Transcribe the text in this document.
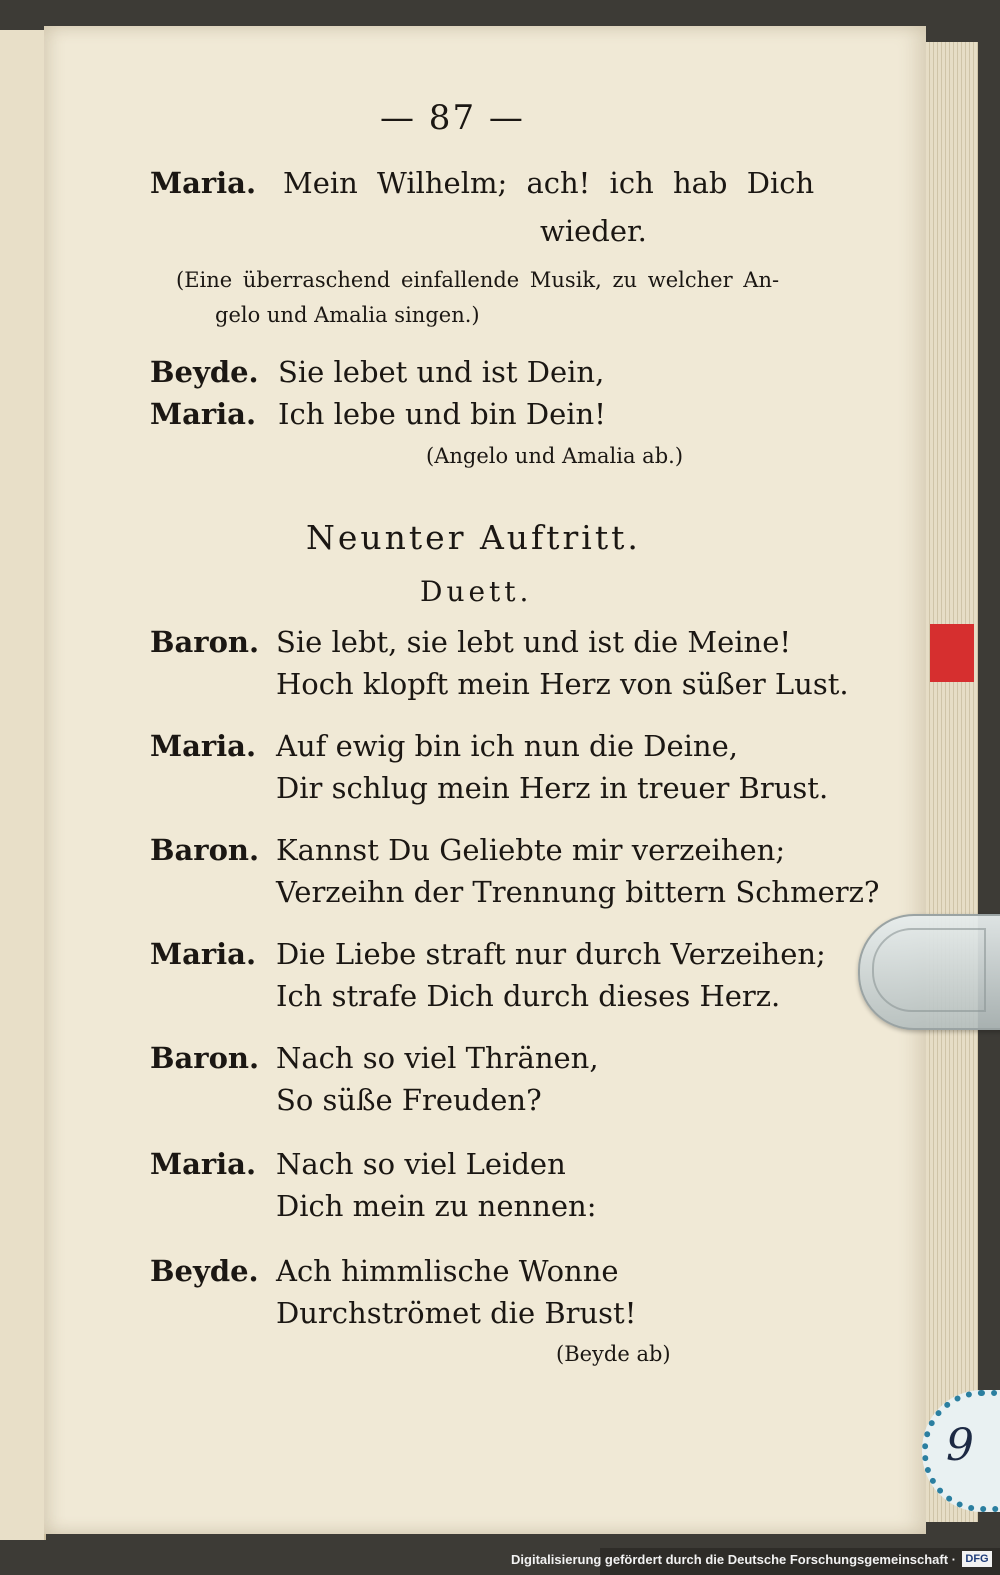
9
— 87 —
Maria. Mein Wilhelm; ach! ich hab Dich
wieder.
(Eine überraschend einfallende Musik, zu welcher An-
gelo und Amalia singen.)
Beyde. Sie lebet und ist Dein,
Maria. Ich lebe und bin Dein!
(Angelo und Amalia ab.)
Neunter Auftritt.
Duett.
Baron. Sie lebt, sie lebt und ist die Meine!
Hoch klopft mein Herz von süßer Lust.
Maria. Auf ewig bin ich nun die Deine,
Dir schlug mein Herz in treuer Brust.
Baron. Kannst Du Geliebte mir verzeihen;
Verzeihn der Trennung bittern Schmerz?
Maria. Die Liebe straft nur durch Verzeihen;
Ich strafe Dich durch dieses Herz.
Baron. Nach so viel Thränen,
So süße Freuden?
Maria. Nach so viel Leiden
Dich mein zu nennen:
Beyde. Ach himmlische Wonne
Durchströmet die Brust!
(Beyde ab)
Digitalisierung gefördert durch die Deutsche Forschungsgemeinschaft · DFG
